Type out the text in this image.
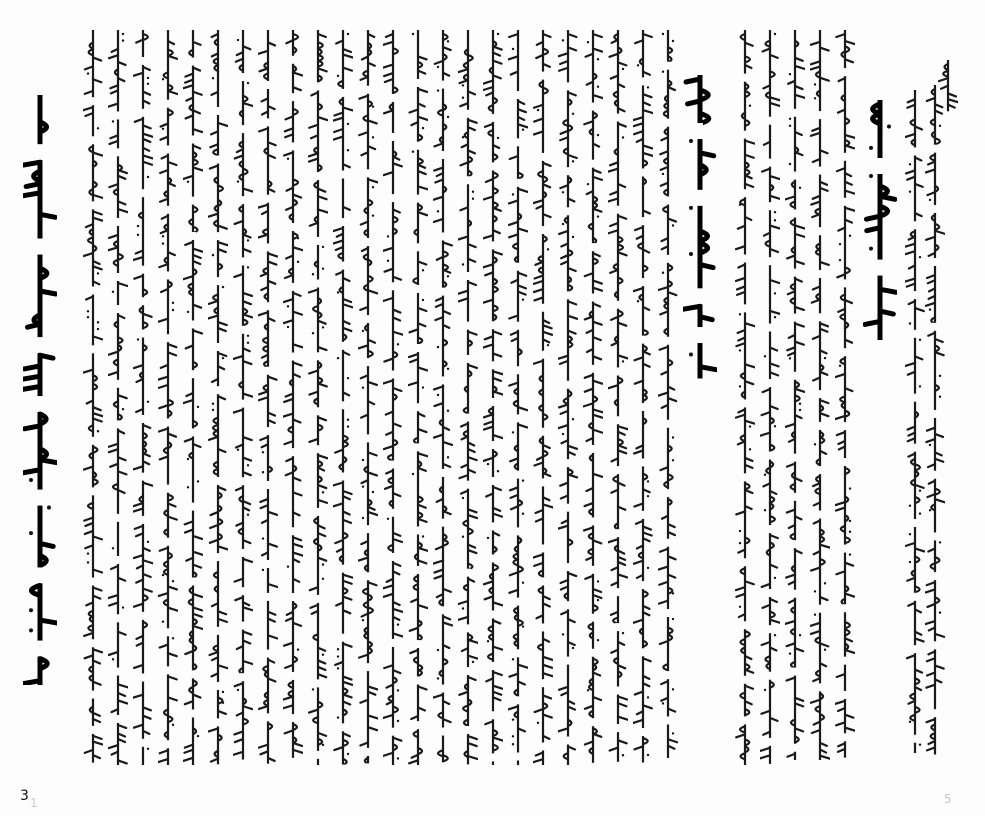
3 1	5
